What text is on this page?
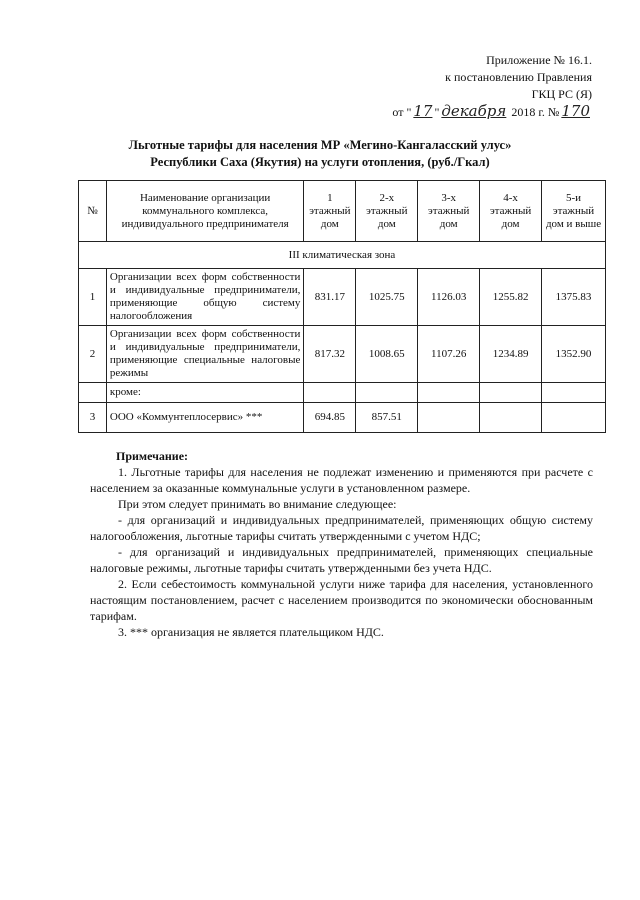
Приложение № 16.1.
к постановлению Правления
ГКЦ РС (Я)
от " 17 " декабря 2018 г. № 170
Льготные тарифы для населения МР «Мегино-Кангаласский улус»
Республики Саха (Якутия) на услуги отопления, (руб./Гкал)
№	Наименование организации коммунального комплекса, индивидуального предпринимателя	1 этажный дом	2-х этажный дом	3-х этажный дом	4-х этажный дом	5-и этажный дом и выше
III климатическая зона						
1	Организации всех форм собственности и индивидуальные предприниматели, применяющие общую систему налогообложения	831.17	1025.75	1126.03	1255.82	1375.83
2	Организации всех форм собственности и индивидуальные предприниматели, применяющие специальные налоговые режимы	817.32	1008.65	1107.26	1234.89	1352.90
	кроме:					
3	ООО «Коммунтеплосервис» ***	694.85	857.51			

Примечание:

1. Льготные тарифы для населения не подлежат изменению и применяются при расчете с населением за оказанные коммунальные услуги в установленном размере.

При этом следует принимать во внимание следующее:

- для организаций и индивидуальных предпринимателей, применяющих общую систему налогообложения, льготные тарифы считать утвержденными с учетом НДС;

- для организаций и индивидуальных предпринимателей, применяющих специальные налоговые режимы, льготные тарифы считать утвержденными без учета НДС.

2. Если себестоимость коммунальной услуги ниже тарифа для населения, установленного настоящим постановлением, расчет с населением производится по экономически обоснованным тарифам.

3. *** организация не является плательщиком НДС.
